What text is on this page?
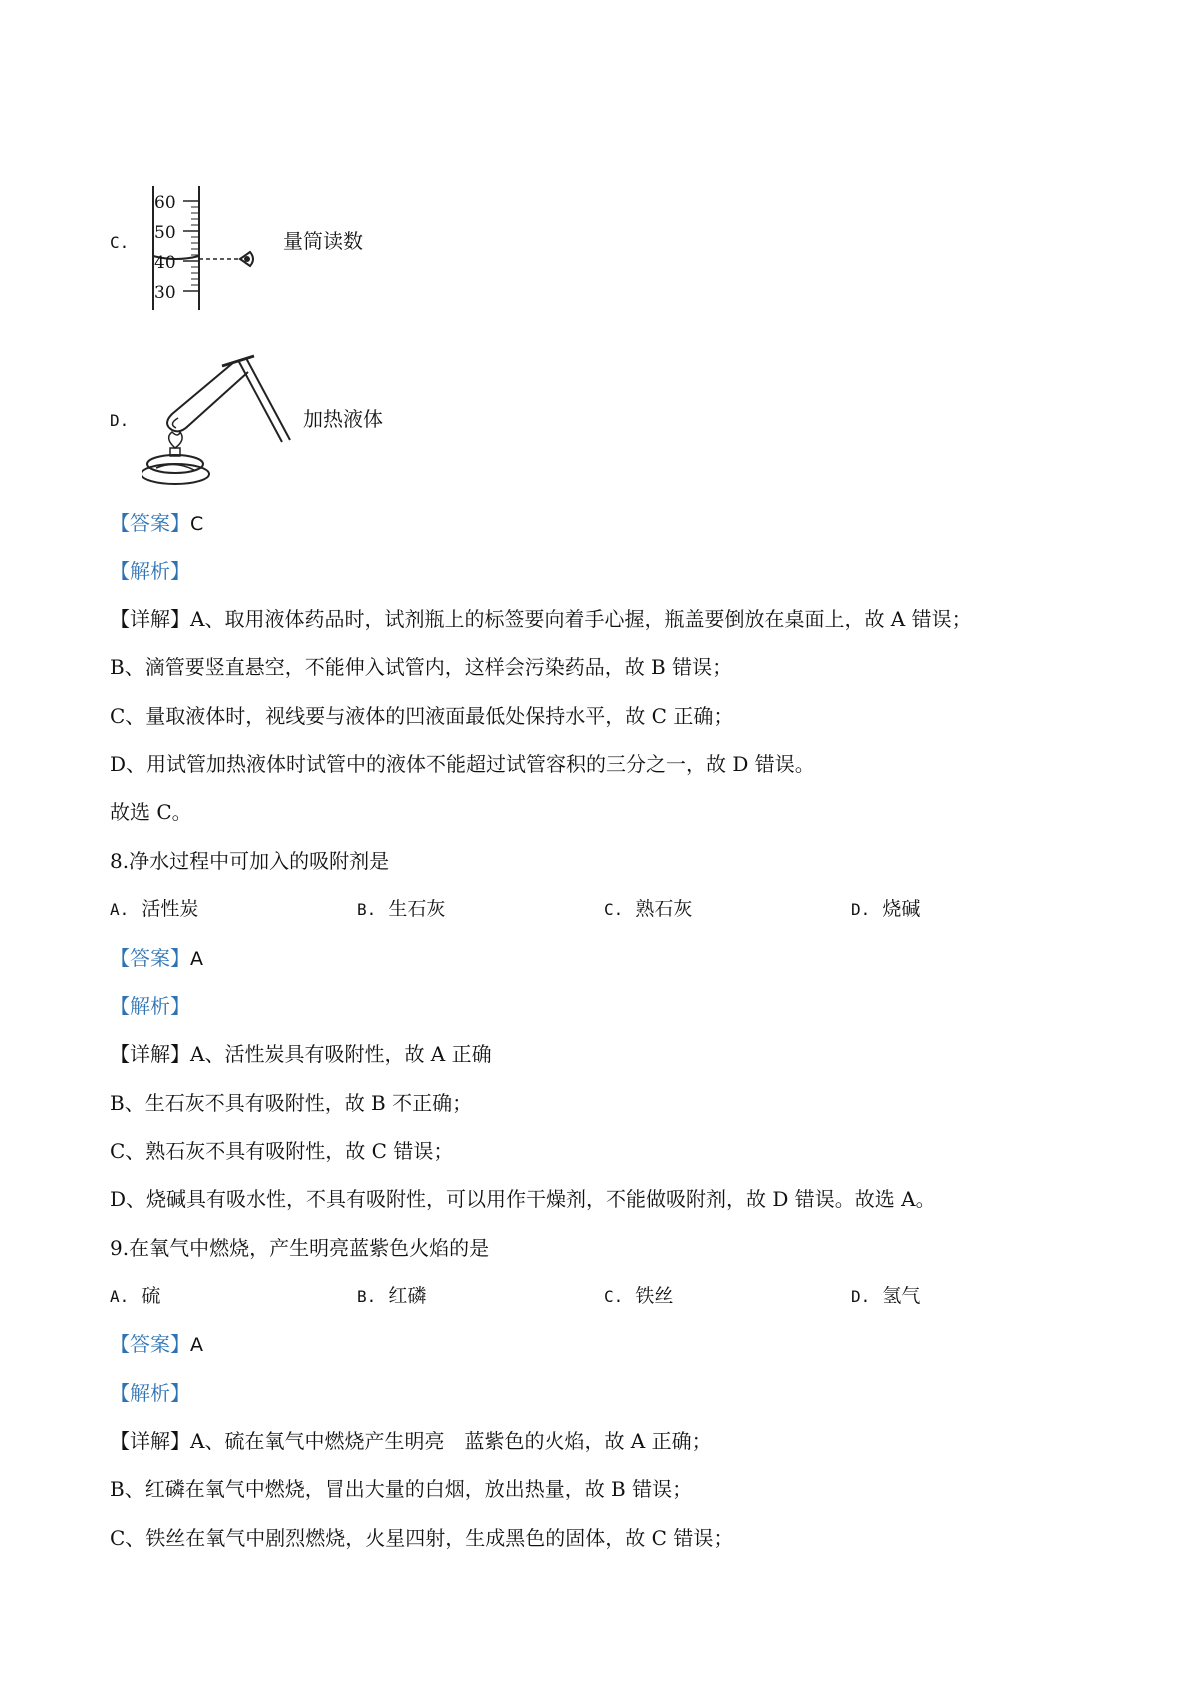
C.
60
50
40
30
量筒读数
D.	加热液体
【答案】C
【解析】
【详解】A、取用液体药品时，试剂瓶上的标签要向着手心握，瓶盖要倒放在桌面上，故 A 错误；
B、滴管要竖直悬空，不能伸入试管内，这样会污染药品，故 B 错误；
C、量取液体时，视线要与液体的凹液面最低处保持水平，故 C 正确；
D、用试管加热液体时试管中的液体不能超过试管容积的三分之一，故 D 错误。
故选 C。
8.净水过程中可加入的吸附剂是
A. 活性炭	B. 生石灰	C. 熟石灰	D. 烧碱
【答案】A
【解析】
【详解】A、活性炭具有吸附性，故 A 正确
B、生石灰不具有吸附性，故 B 不正确；
C、熟石灰不具有吸附性，故 C 错误；
D、烧碱具有吸水性，不具有吸附性，可以用作干燥剂，不能做吸附剂，故 D 错误。故选 A。
9.在氧气中燃烧，产生明亮蓝紫色火焰的是
A. 硫	B. 红磷	C. 铁丝	D. 氢气
【答案】A
【解析】
【详解】A、硫在氧气中燃烧产生明亮　蓝紫色的火焰，故 A 正确；
B、红磷在氧气中燃烧，冒出大量的白烟，放出热量，故 B 错误；
C、铁丝在氧气中剧烈燃烧，火星四射，生成黑色的固体，故 C 错误；
